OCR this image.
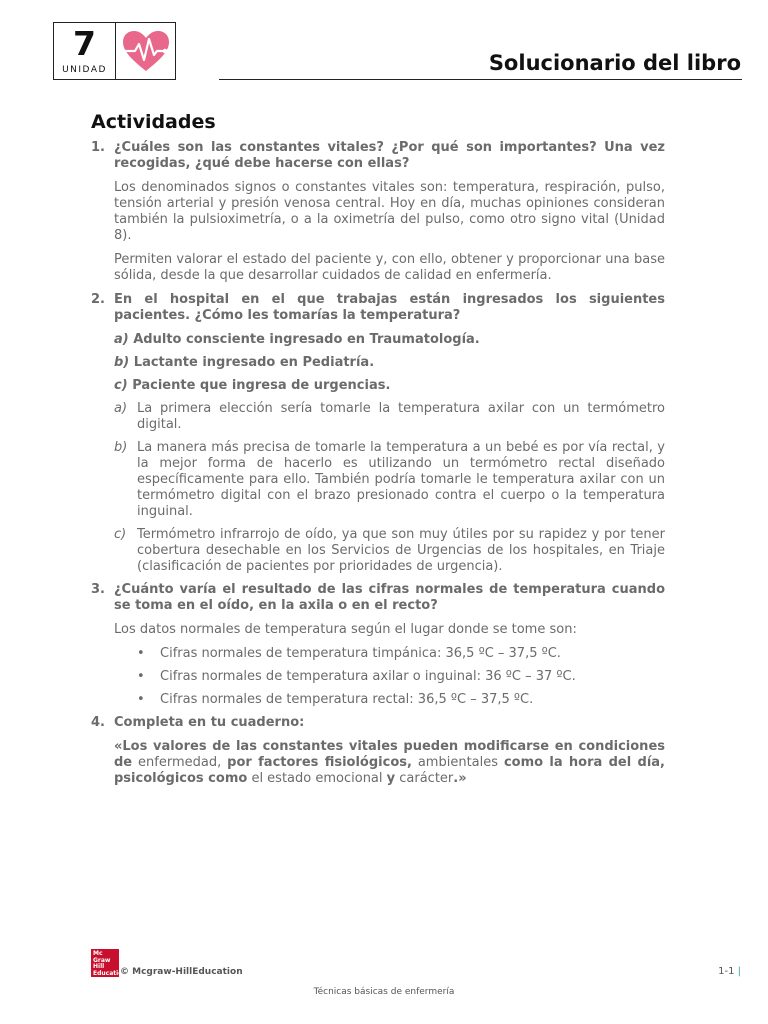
7
UNIDAD	Solucionario del libro
Actividades
1. ¿Cuáles son las constantes vitales? ¿Por qué son importantes? Una vez recogidas, ¿qué debe hacerse con ellas?
Los denominados signos o constantes vitales son: temperatura, respiración, pulso, tensión arterial y presión venosa central. Hoy en día, muchas opiniones consideran también la pulsioximetría, o a la oximetría del pulso, como otro signo vital (Unidad 8).
Permiten valorar el estado del paciente y, con ello, obtener y proporcionar una base sólida, desde la que desarrollar cuidados de calidad en enfermería.
2. En el hospital en el que trabajas están ingresados los siguientes pacientes. ¿Cómo les tomarías la temperatura?
a) Adulto consciente ingresado en Traumatología.
b) Lactante ingresado en Pediatría.
c) Paciente que ingresa de urgencias.
a) La primera elección sería tomarle la temperatura axilar con un termómetro digital.
b) La manera más precisa de tomarle la temperatura a un bebé es por vía rectal, y la mejor forma de hacerlo es utilizando un termómetro rectal diseñado específicamente para ello. También podría tomarle le temperatura axilar con un termómetro digital con el brazo presionado contra el cuerpo o la temperatura inguinal.
c) Termómetro infrarrojo de oído, ya que son muy útiles por su rapidez y por tener cobertura desechable en los Servicios de Urgencias de los hospitales, en Triaje (clasificación de pacientes por prioridades de urgencia).
3. ¿Cuánto varía el resultado de las cifras normales de temperatura cuando se toma en el oído, en la axila o en el recto?
Los datos normales de temperatura según el lugar donde se tome son:
•	Cifras normales de temperatura timpánica: 36,5 ºC – 37,5 ºC.
•	Cifras normales de temperatura axilar o inguinal: 36 ºC – 37 ºC.
•	Cifras normales de temperatura rectal: 36,5 ºC – 37,5 ºC.
4. Completa en tu cuaderno:
«Los valores de las constantes vitales pueden modificarse en condiciones de enfermedad, por factores fisiológicos, ambientales como la hora del día, psicológicos como el estado emocional y carácter.»
Mc Graw Hill Education
© Mcgraw-HillEducation	1-1 |
Técnicas básicas de enfermería
